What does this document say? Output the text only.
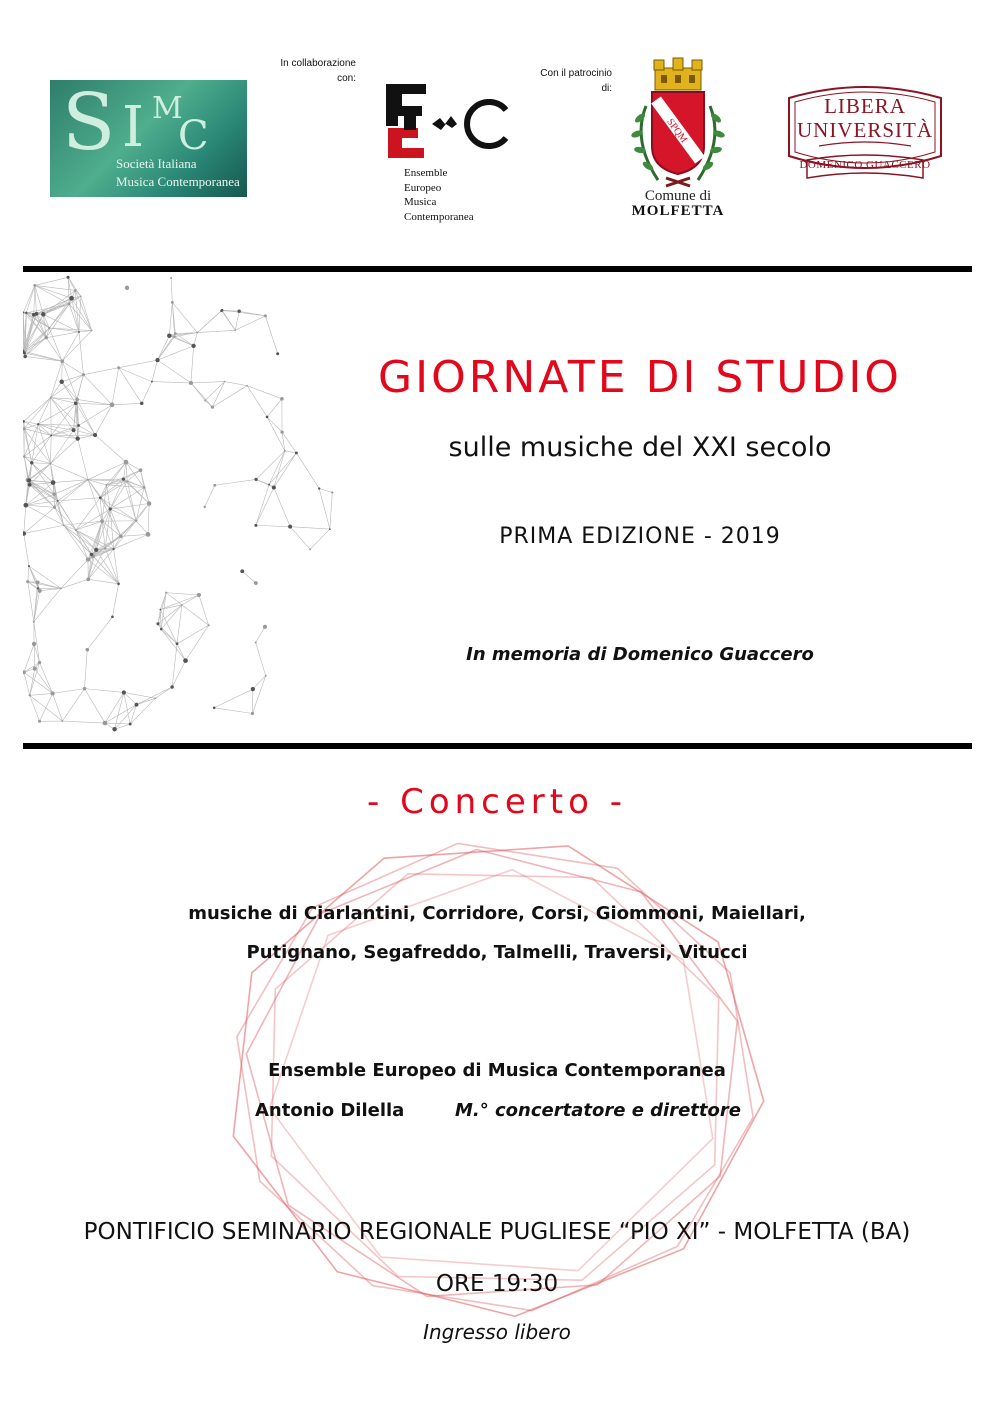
S I M
C
Società Italiana
Musica Contemporanea
In collaborazione
con:
Ensemble
Europeo
Musica
Contemporanea
Con il patrocinio
di:
SPQM
Comune di
MOLFETTA
LIBERA
UNIVERSITÀ
DOMENICO GUACCERO
GIORNATE DI STUDIO
sulle musiche del XXI secolo
PRIMA EDIZIONE - 2019
In memoria di Domenico Guaccero
- Concerto -
musiche di Ciarlantini, Corridore, Corsi, Giommoni, Maiellari,
Putignano, Segafreddo, Talmelli, Traversi, Vitucci
Ensemble Europeo di Musica Contemporanea
Antonio Dilella	M.° concertatore e direttore
PONTIFICIO SEMINARIO REGIONALE PUGLIESE “PIO XI” - MOLFETTA (BA)
ORE 19:30
Ingresso libero
